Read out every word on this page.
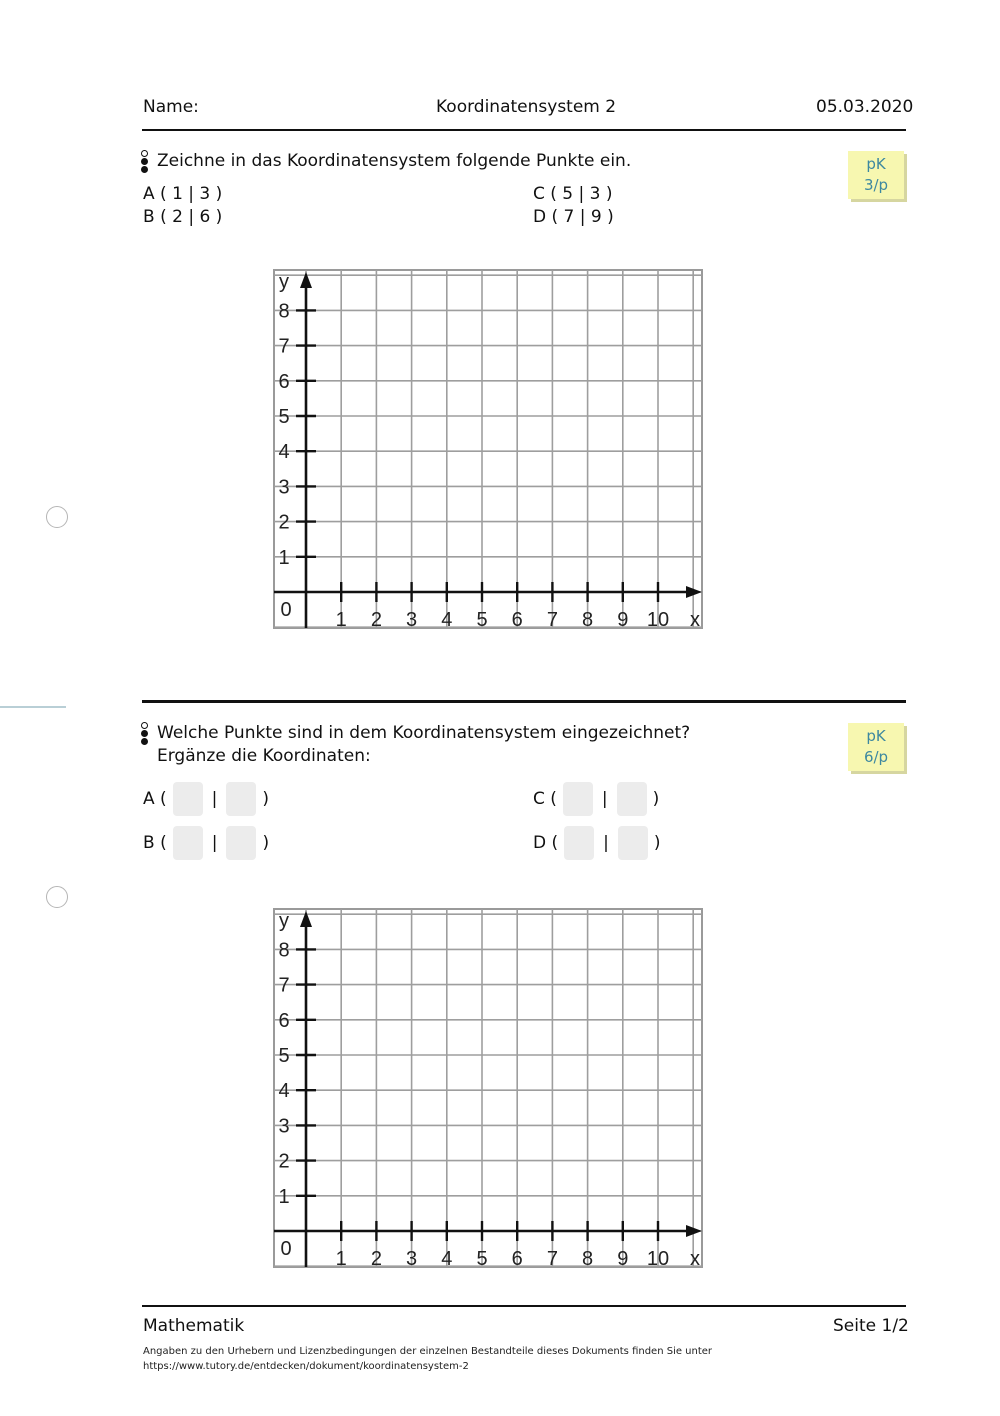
Name:	Koordinatensystem 2	05.03.2020
Zeichne in das Koordinatensystem folgende Punkte ein.
A ( 1 | 3 )
B ( 2 | 6 )
C ( 5 | 3 )
D ( 7 | 9 )
pK
3/p
1 2 3 4 5 6 7 8 9 10
1
2
3
4
5
6
7
8
0	x
y
Welche Punkte sind in dem Koordinatensystem eingezeichnet?
Ergänze die Koordinaten:
pK
6/p
A (	|	)
B (	|	)
C (	|	)
D (	|	)
1 2 3 4 5 6 7 8 9 10
1
2
3
4
5
6
7
8
0	x
y
Mathematik	Seite 1/2
Angaben zu den Urhebern und Lizenzbedingungen der einzelnen Bestandteile dieses Dokuments finden Sie unter
https://www.tutory.de/entdecken/dokument/koordinatensystem-2
